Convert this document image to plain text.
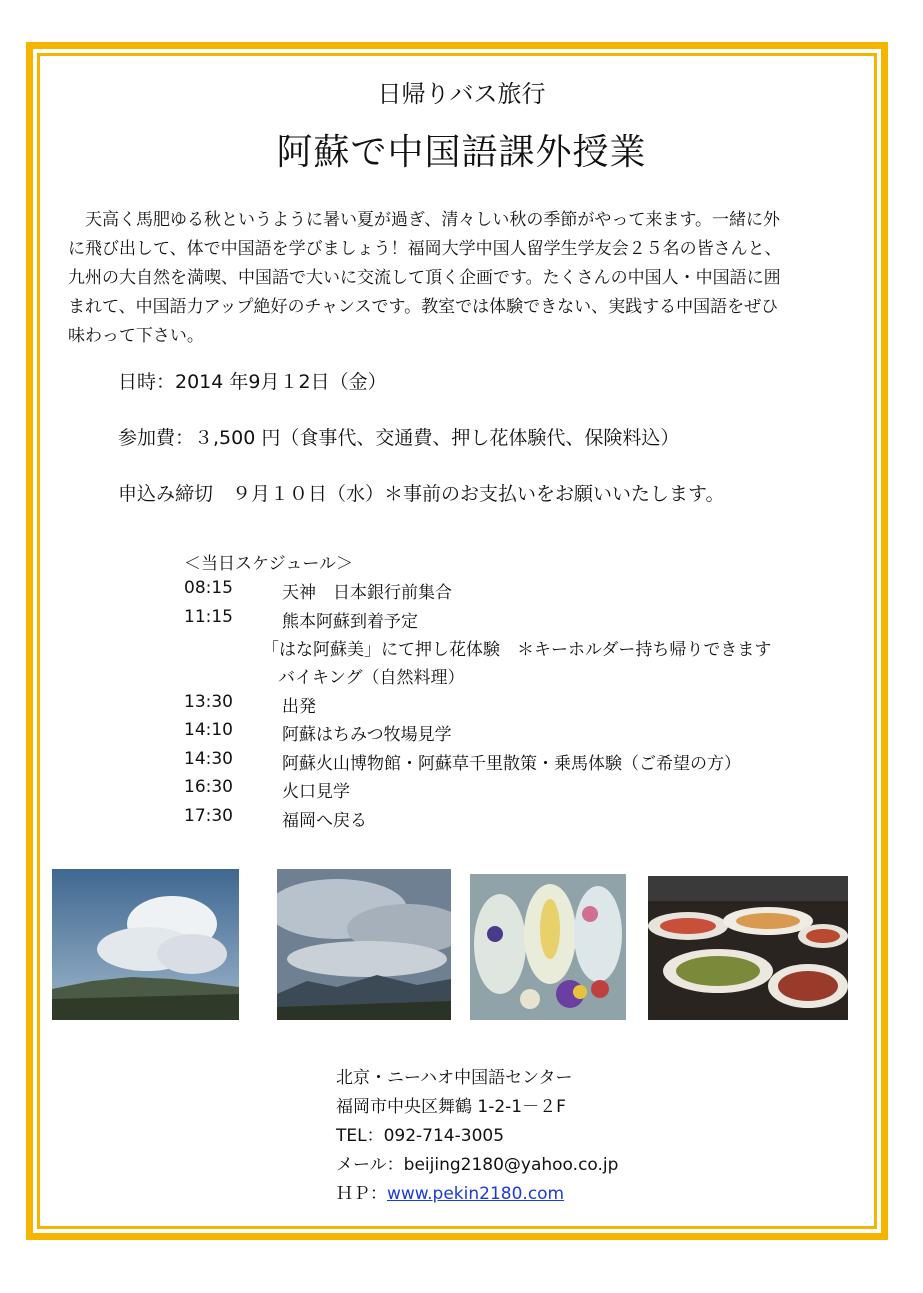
日帰りバス旅行
阿蘇で中国語課外授業

　天高く馬肥ゆる秋というように暑い夏が過ぎ、清々しい秋の季節がやって来ます。一緒に外

に飛び出して、体で中国語を学びましょう！福岡大学中国人留学生学友会２５名の皆さんと、

九州の大自然を満喫、中国語で大いに交流して頂く企画です。たくさんの中国人・中国語に囲

まれて、中国語力アップ絶好のチャンスです。教室では体験できない、実践する中国語をぜひ

味わって下さい。

日時：2014 年9月１2日（金）
参加費：３,500 円（食事代、交通費、押し花体験代、保険料込）
申込み締切　９月１０日（水）＊事前のお支払いをお願いいたします。
＜当日スケジュール＞
08:15	天神　日本銀行前集合
11:15	熊本阿蘇到着予定
「はな阿蘇美」にて押し花体験　＊キーホルダー持ち帰りできます
バイキング（自然料理）
13:30	出発
14:10	阿蘇はちみつ牧場見学
14:30	阿蘇火山博物館・阿蘇草千里散策・乗馬体験（ご希望の方）
16:30	火口見学
17:30	福岡へ戻る
北京・ニーハオ中国語センター
福岡市中央区舞鶴 1-2-1－２F
TEL：092-714-3005
メール：beijing2180@yahoo.co.jp
ＨＰ：www.pekin2180.com
